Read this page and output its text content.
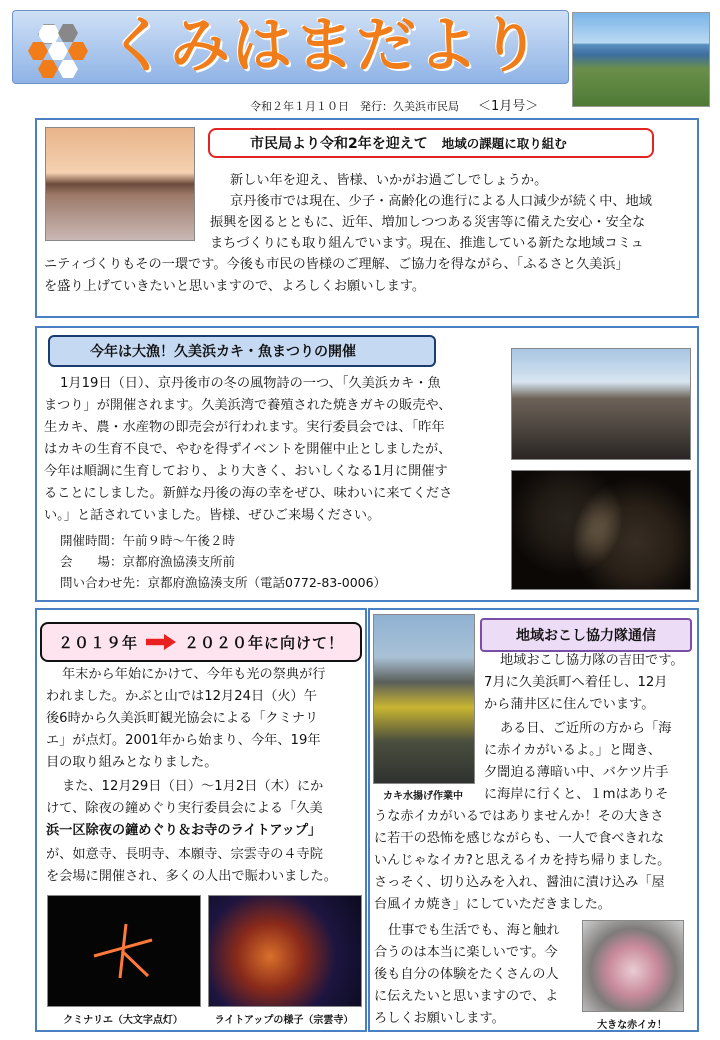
くみはまだより
令和２年１月１０日　発行：久美浜市民局 ＜1月号＞
市民局より令和2年を迎えて 地域の課題に取り組む
新しい年を迎え、皆様、いかがお過ごしでしょうか。
京丹後市では現在、少子・高齢化の進行による人口減少が続く中、地域
振興を図るとともに、近年、増加しつつある災害等に備えた安心・安全な
まちづくりにも取り組んでいます。現在、推進している新たな地域コミュ
ニティづくりもその一環です。今後も市民の皆様のご理解、ご協力を得ながら、「ふるさと久美浜」
を盛り上げていきたいと思いますので、よろしくお願いします。
今年は大漁！久美浜カキ・魚まつりの開催
1月19日（日）、京丹後市の冬の風物詩の一つ、「久美浜カキ・魚
まつり」が開催されます。久美浜湾で養殖された焼きガキの販売や、
生カキ、農・水産物の即売会が行われます。実行委員会では、「昨年
はカキの生育不良で、やむを得ずイベントを開催中止としましたが、
今年は順調に生育しており、より大きく、おいしくなる1月に開催す
ることにしました。新鮮な丹後の海の幸をぜひ、味わいに来てくださ
い。」と話されていました。皆様、ぜひご来場ください。
開催時間：午前９時～午後２時
会　　場：京都府漁協湊支所前
問い合わせ先：京都府漁協湊支所（電話0772-83-0006）
２０１９年	２０２０年に向けて！
年末から年始にかけて、今年も光の祭典が行
われました。かぶと山では12月24日（火）午
後6時から久美浜町観光協会による「クミナリ
エ」が点灯。2001年から始まり、今年、19年
目の取り組みとなりました。
また、12月29日（日）～1月2日（木）にか
けて、除夜の鐘めぐり実行委員会による「久美
浜一区除夜の鐘めぐり＆お寺のライトアップ」
が、如意寺、長明寺、本願寺、宗雲寺の４寺院
を会場に開催され、多くの人出で賑わいました。
クミナリエ（大文字点灯）	ライトアップの様子（宗雲寺）
地域おこし協力隊通信
カキ水揚げ作業中
地域おこし協力隊の吉田です。
7月に久美浜町へ着任し、12月
から蒲井区に住んでいます。
ある日、ご近所の方から「海
に赤イカがいるよ。」と聞き、
夕闇迫る薄暗い中、バケツ片手
に海岸に行くと、１mはありそ
うな赤イカがいるではありませんか！その大きさ
に若干の恐怖を感じながらも、一人で食べきれな
いんじゃなイカ?と思えるイカを持ち帰りました。
さっそく、切り込みを入れ、醤油に漬け込み「屋
台風イカ焼き」にしていただきました。
仕事でも生活でも、海と触れ
合うのは本当に楽しいです。今
後も自分の体験をたくさんの人
に伝えたいと思いますので、よ
ろしくお願いします。	大きな赤イカ！
